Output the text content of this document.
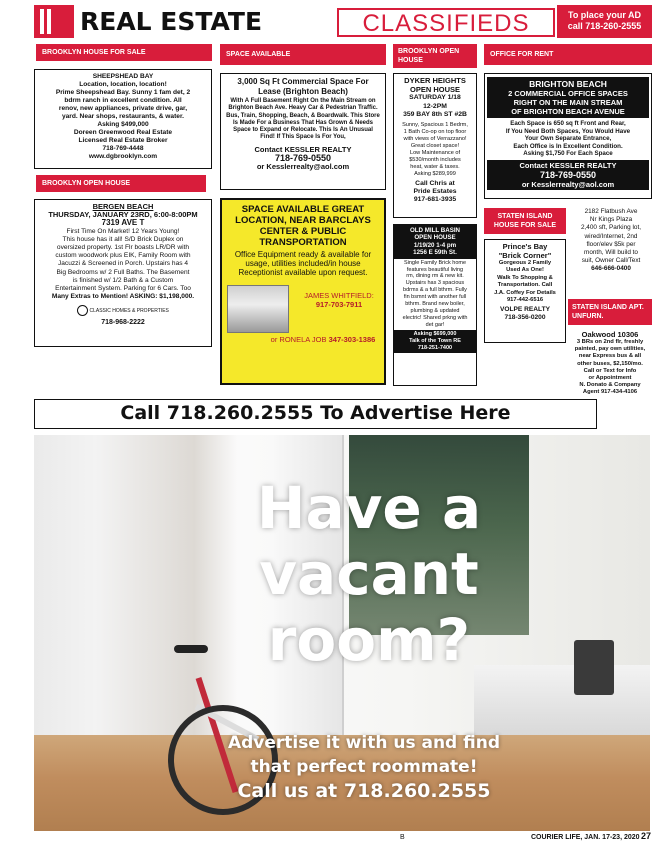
REAL ESTATE	CLASSIFIEDS	To place your AD
call 718-260-2555
BROOKLYN HOUSE FOR SALE
SHEEPSHEAD BAY
Location, location, location!
Prime Sheepshead Bay. Sunny 1 fam det, 2
bdrm ranch in excellent condition. All
renov, new appliances, private drive, gar,
yard. Near shops, restaurants, & water.
Asking $499,000
Doreen Greenwood Real Estate
Licensed Real Estate Broker
718-769-4448
www.dgbrooklyn.com
BROOKLYN OPEN HOUSE
BERGEN BEACH
THURSDAY, JANUARY 23RD, 6:00-8:00PM
7319 AVE T
First Time On Market! 12 Years Young!
This house has it all! S/D Brick Duplex on
oversized property. 1st Flr boasts LR/DR with
custom woodwork plus EIK, Family Room with
Jacuzzi & Screened in Porch. Upstairs has 4
Big Bedrooms w/ 2 Full Baths. The Basement
is finished w/ 1/2 Bath & a Custom
Entertainment System. Parking for 6 Cars. Too
Many Extras to Mention! ASKING: $1,198,000.
CLASSIC HOMES & PROPERTIES
718-968-2222
SPACE AVAILABLE
3,000 Sq Ft Commercial Space For Lease (Brighton Beach)
With A Full Basement Right On the Main Stream on Brighton Beach Ave. Heavy Car & Pedestrian Traffic. Bus, Train, Shopping, Beach, & Boardwalk. This Store Is Made For a Business That Has Grown & Needs Space to Expand or Relocate. This Is An Unusual Find! If This Space Is For You,
Contact KESSLER REALTY
718-769-0550
or Kesslerrealty@aol.com
SPACE AVAILABLE GREAT LOCATION, NEAR BARCLAYS CENTER & PUBLIC TRANSPORTATION
Office Equipment ready & available for usage, utilities included/in house Receptionist available upon request.
JAMES WHITFIELD:
917-703-7911
or RONELA JOB 347-303-1386
BROOKLYN OPEN HOUSE
DYKER HEIGHTS
OPEN HOUSE
SATURDAY 1/18
12-2PM
359 BAY 8th ST #2B
Sunny, Spacious 1 Bedrm,
1 Bath Co-op on top floor
with views of Verrazzano!
Great closet space!
Low Maintenance of
$530/month includes
heat, water & taxes.
Asking $289,999
Call Chris at
Pride Estates
917-681-3935
OLD MILL BASIN
OPEN HOUSE
1/19/20 1-4 pm
1256 E 59th St.
Single Family Brick home
features beautiful living
rm, dining rm & new kit.
Upstairs has 3 spacious
bdrms & a full bthrm. Fully
fin bsmnt with another full
bthrm. Brand new boiler,
plumbing & updated
electric! Shared prkng with
det gar!
Asking $699,000
Talk of the Town RE
718-251-7400
OFFICE FOR RENT
BRIGHTON BEACH
2 COMMERCIAL OFFICE SPACES
RIGHT ON THE MAIN STREAM
OF BRIGHTON BEACH AVENUE
Each Space is 650 sq ft Front and Rear,
If You Need Both Spaces, You Would Have
Your Own Separate Entrance,
Each Office is In Excellent Condition.
Asking $1,750 For Each Space
Contact KESSLER REALTY
718-769-0550
or Kesslerrealty@aol.com
STATEN ISLAND HOUSE FOR SALE
Prince's Bay
"Brick Corner"
Gorgeous 2 Family
Used As One!
Walk To Shopping &
Transportation. Call
J.A. Coffey For Details
917-442-6516
VOLPE REALTY
718-356-0200
2182 Flatbush Ave
Nr Kings Plaza
2,400 sft, Parking lot,
wired/Internet, 2nd
floor/elev $5k per
month, Will build to
suit, Owner Call/Text
646-666-0400
STATEN ISLAND APT. UNFURN.
Oakwood 10306
3 BRs on 2nd flr, freshly
painted, pay own utilities,
near Express bus & all
other buses, $2,150/mo.
Call or Text for Info
or Appointment
N. Donato & Company
Agent 917-434-4106
Call 718.260.2555 To Advertise Here
Have a
vacant
room?
Advertise it with us and find
that perfect roommate!
Call us at 718.260.2555
B	COURIER LIFE, JAN. 17-23, 2020 27
